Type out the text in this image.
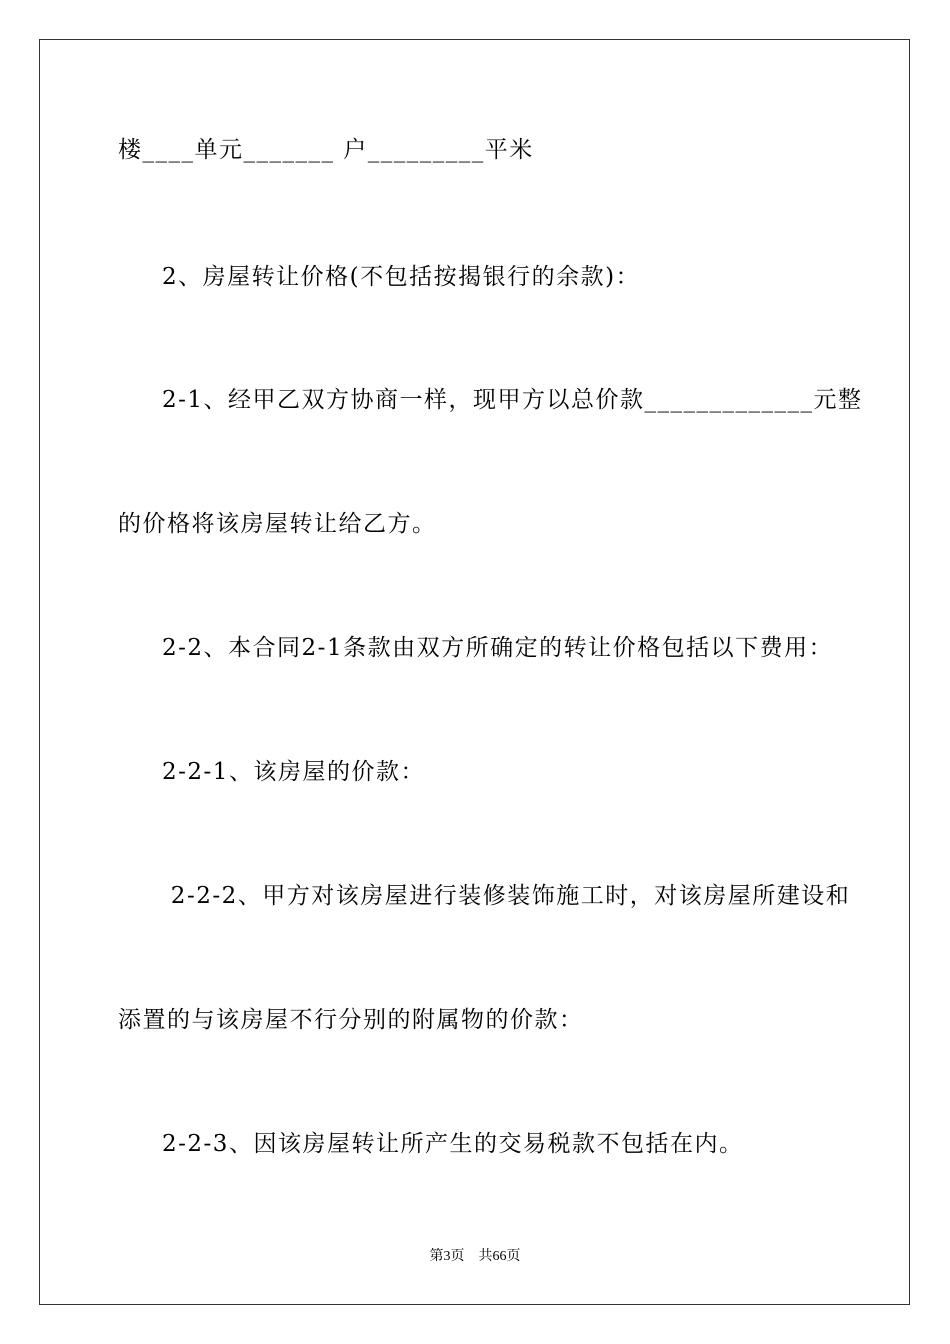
楼____单元_______ 户_________平米
2、房屋转让价格(不包括按揭银行的余款)：
2-1、经甲乙双方协商一样，现甲方以总价款_____________元整
的价格将该房屋转让给乙方。
2-2、本合同2-1条款由双方所确定的转让价格包括以下费用：
2-2-1、该房屋的价款：
2-2-2、甲方对该房屋进行装修装饰施工时，对该房屋所建设和
添置的与该房屋不行分别的附属物的价款：
2-2-3、因该房屋转让所产生的交易税款不包括在内。
第3页 共66页
